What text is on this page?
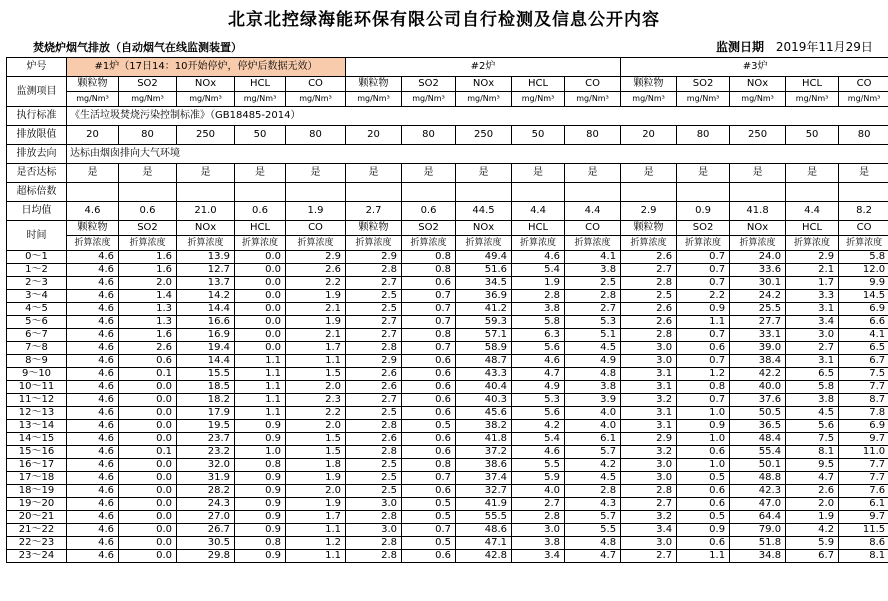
北京北控绿海能环保有限公司自行检测及信息公开内容
焚烧炉烟气排放（自动烟气在线监测装置）	监测日期 2019年11月29日
炉号	#1炉（17日14：10开始停炉，停炉后数据无效）					#2炉					#3炉				
监测项目	颗粒物	SO2	NOx	HCL	CO	颗粒物	SO2	NOx	HCL	CO	颗粒物	SO2	NOx	HCL	CO
	mg/Nm³	mg/Nm³	mg/Nm³	mg/Nm³	mg/Nm³	mg/Nm³	mg/Nm³	mg/Nm³	mg/Nm³	mg/Nm³	mg/Nm³	mg/Nm³	mg/Nm³	mg/Nm³	mg/Nm³
执行标准	《生活垃圾焚烧污染控制标准》（GB18485-2014）														
排放限值	20	80	250	50	80	20	80	250	50	80	20	80	250	50	80
排放去向	达标由烟囱排向大气环境														
是否达标	是	是	是	是	是	是	是	是	是	是	是	是	是	是	是
超标倍数															
日均值	4.6	0.6	21.0	0.6	1.9	2.7	0.6	44.5	4.4	4.4	2.9	0.9	41.8	4.4	8.2
时间	颗粒物	SO2	NOx	HCL	CO	颗粒物	SO2	NOx	HCL	CO	颗粒物	SO2	NOx	HCL	CO
	折算浓度	折算浓度	折算浓度	折算浓度	折算浓度	折算浓度	折算浓度	折算浓度	折算浓度	折算浓度	折算浓度	折算浓度	折算浓度	折算浓度	折算浓度
0～1	4.6	1.6	13.9	0.0	2.9	2.9	0.8	49.4	4.6	4.1	2.6	0.7	24.0	2.9	5.8
1～2	4.6	1.6	12.7	0.0	2.6	2.8	0.8	51.6	5.4	3.8	2.7	0.7	33.6	2.1	12.0
2～3	4.6	2.0	13.7	0.0	2.2	2.7	0.6	34.5	1.9	2.5	2.8	0.7	30.1	1.7	9.9
3～4	4.6	1.4	14.2	0.0	1.9	2.5	0.7	36.9	2.8	2.8	2.5	2.2	24.2	3.3	14.5
4～5	4.6	1.3	14.4	0.0	2.1	2.5	0.7	41.2	3.8	2.7	2.6	0.9	25.5	3.1	6.9
5～6	4.6	1.3	16.6	0.0	1.9	2.7	0.7	59.3	5.8	5.3	2.6	1.1	27.7	3.4	6.6
6～7	4.6	1.6	16.9	0.0	2.1	2.7	0.8	57.1	6.3	5.1	2.8	0.7	33.1	3.0	4.1
7～8	4.6	2.6	19.4	0.0	1.7	2.8	0.7	58.9	5.6	4.5	3.0	0.6	39.0	2.7	6.5
8～9	4.6	0.6	14.4	1.1	1.1	2.9	0.6	48.7	4.6	4.9	3.0	0.7	38.4	3.1	6.7
9～10	4.6	0.1	15.5	1.1	1.5	2.6	0.6	43.3	4.7	4.8	3.1	1.2	42.2	6.5	7.5
10～11	4.6	0.0	18.5	1.1	2.0	2.6	0.6	40.4	4.9	3.8	3.1	0.8	40.0	5.8	7.7
11～12	4.6	0.0	18.2	1.1	2.3	2.7	0.6	40.3	5.3	3.9	3.2	0.7	37.6	3.8	8.7
12～13	4.6	0.0	17.9	1.1	2.2	2.5	0.6	45.6	5.6	4.0	3.1	1.0	50.5	4.5	7.8
13～14	4.6	0.0	19.5	0.9	2.0	2.8	0.5	38.2	4.2	4.0	3.1	0.9	36.5	5.6	6.9
14～15	4.6	0.0	23.7	0.9	1.5	2.6	0.6	41.8	5.4	6.1	2.9	1.0	48.4	7.5	9.7
15～16	4.6	0.1	23.2	1.0	1.5	2.8	0.6	37.2	4.6	5.7	3.2	0.6	55.4	8.1	11.0
16～17	4.6	0.0	32.0	0.8	1.8	2.5	0.8	38.6	5.5	4.2	3.0	1.0	50.1	9.5	7.7
17～18	4.6	0.0	31.9	0.9	1.9	2.5	0.7	37.4	5.9	4.5	3.0	0.5	48.8	4.7	7.7
18～19	4.6	0.0	28.2	0.9	2.0	2.5	0.6	32.7	4.0	2.8	2.8	0.6	42.3	2.6	7.6
19～20	4.6	0.0	24.3	0.9	1.9	3.0	0.5	41.9	2.7	4.3	2.7	0.6	47.0	2.0	6.1
20～21	4.6	0.0	27.0	0.9	1.7	2.8	0.5	55.5	2.8	5.7	3.2	0.5	64.4	1.9	9.7
21～22	4.6	0.0	26.7	0.9	1.1	3.0	0.7	48.6	3.0	5.5	3.4	0.9	79.0	4.2	11.5
22～23	4.6	0.0	30.5	0.8	1.2	2.8	0.5	47.1	3.8	4.8	3.0	0.6	51.8	5.9	8.6
23～24	4.6	0.0	29.8	0.9	1.1	2.8	0.6	42.8	3.4	4.7	2.7	1.1	34.8	6.7	8.1
